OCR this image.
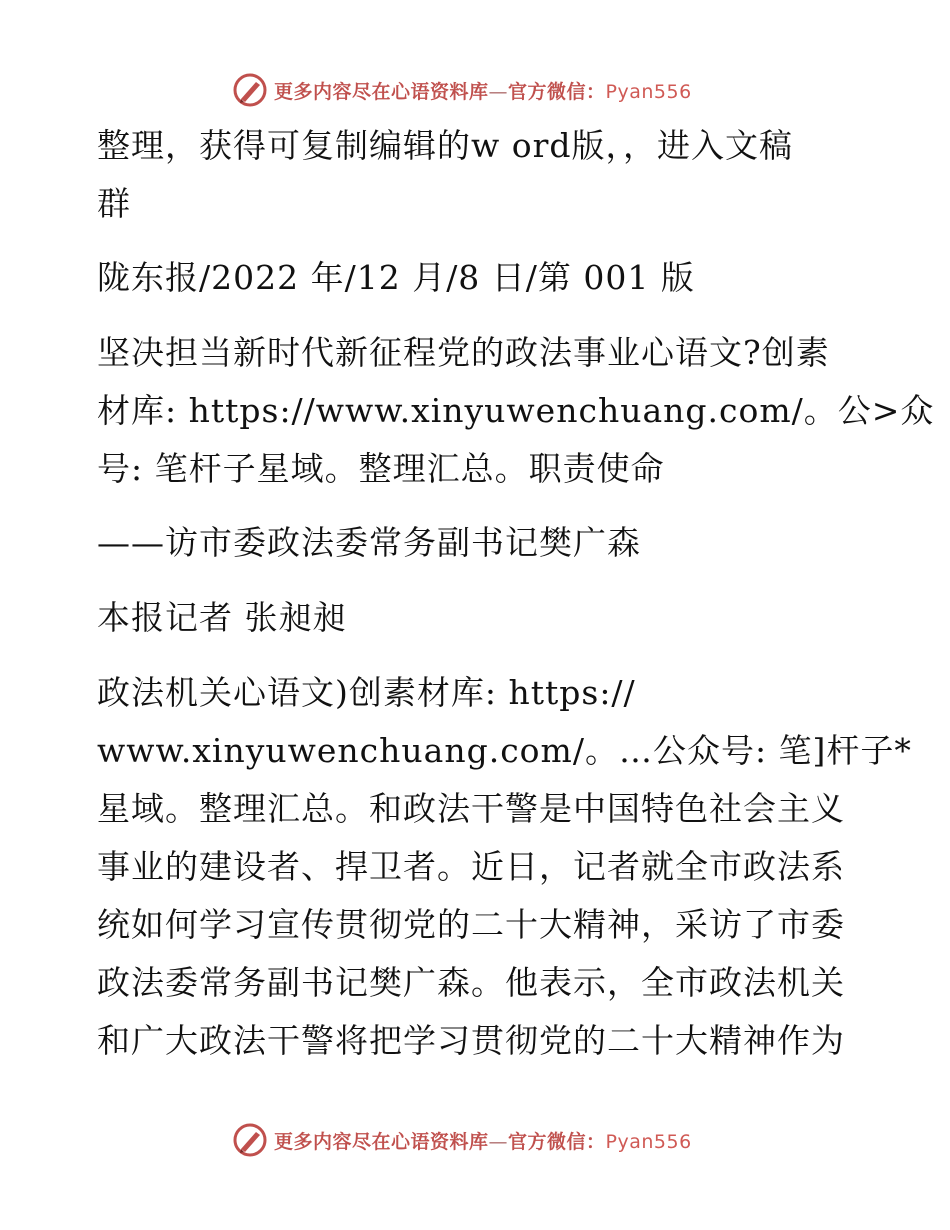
更多内容尽在心语资料库—官方微信：Pyan556
整理，获得可复制编辑的w ord版，，进入文稿
群
陇东报/2022 年/12 月/8 日/第 001 版
坚决担当新时代新征程党的政法事业心语文?创素
材库: https://www.xinyuwenchuang.com/。公>众
号: 笔杆子星域。整理汇总。职责使命
——访市委政法委常务副书记樊广森
本报记者 张昶昶
政法机关心语文)创素材库: https://
www.xinyuwenchuang.com/。…公众号: 笔]杆子*
星域。整理汇总。和政法干警是中国特色社会主义
事业的建设者、捍卫者。近日，记者就全市政法系
统如何学习宣传贯彻党的二十大精神，采访了市委
政法委常务副书记樊广森。他表示，全市政法机关
和广大政法干警将把学习贯彻党的二十大精神作为
更多内容尽在心语资料库—官方微信：Pyan556
